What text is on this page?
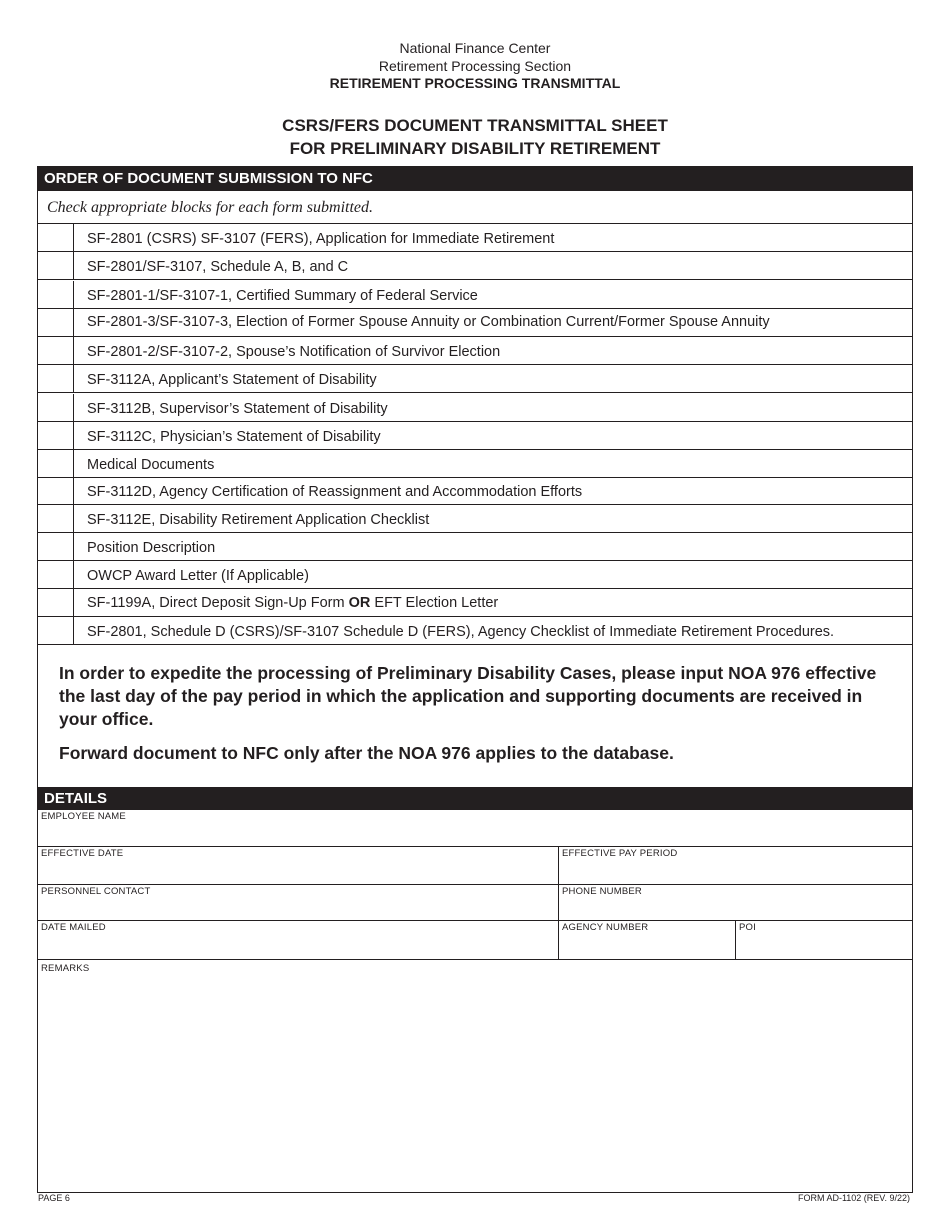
National Finance Center
Retirement Processing Section
RETIREMENT PROCESSING TRANSMITTAL
CSRS/FERS DOCUMENT TRANSMITTAL SHEET
FOR PRELIMINARY DISABILITY RETIREMENT
ORDER OF DOCUMENT SUBMISSION TO NFC
Check appropriate blocks for each form submitted.
SF-2801 (CSRS) SF-3107 (FERS), Application for Immediate Retirement
SF-2801/SF-3107, Schedule A, B, and C
SF-2801-1/SF-3107-1, Certified Summary of Federal Service
SF-2801-3/SF-3107-3, Election of Former Spouse Annuity or Combination Current/Former Spouse Annuity
SF-2801-2/SF-3107-2, Spouse’s Notification of Survivor Election
SF-3112A, Applicant’s Statement of Disability
SF-3112B, Supervisor’s Statement of Disability
SF-3112C, Physician’s Statement of Disability
Medical Documents
SF-3112D, Agency Certification of Reassignment and Accommodation Efforts
SF-3112E, Disability Retirement Application Checklist
Position Description
OWCP Award Letter (If Applicable)
SF-1199A, Direct Deposit Sign-Up Form OR EFT Election Letter
SF-2801, Schedule D (CSRS)/SF-3107 Schedule D (FERS), Agency Checklist of Immediate Retirement Procedures.
In order to expedite the processing of Preliminary Disability Cases, please input NOA 976 effective the last day of the pay period in which the application and supporting documents are received in your office.
Forward document to NFC only after the NOA 976 applies to the database.
DETAILS
EMPLOYEE NAME
EFFECTIVE DATE	EFFECTIVE PAY PERIOD
PERSONNEL CONTACT	PHONE NUMBER
DATE MAILED	AGENCY NUMBER	POI
REMARKS
PAGE 6	FORM AD-1102 (REV. 9/22)
